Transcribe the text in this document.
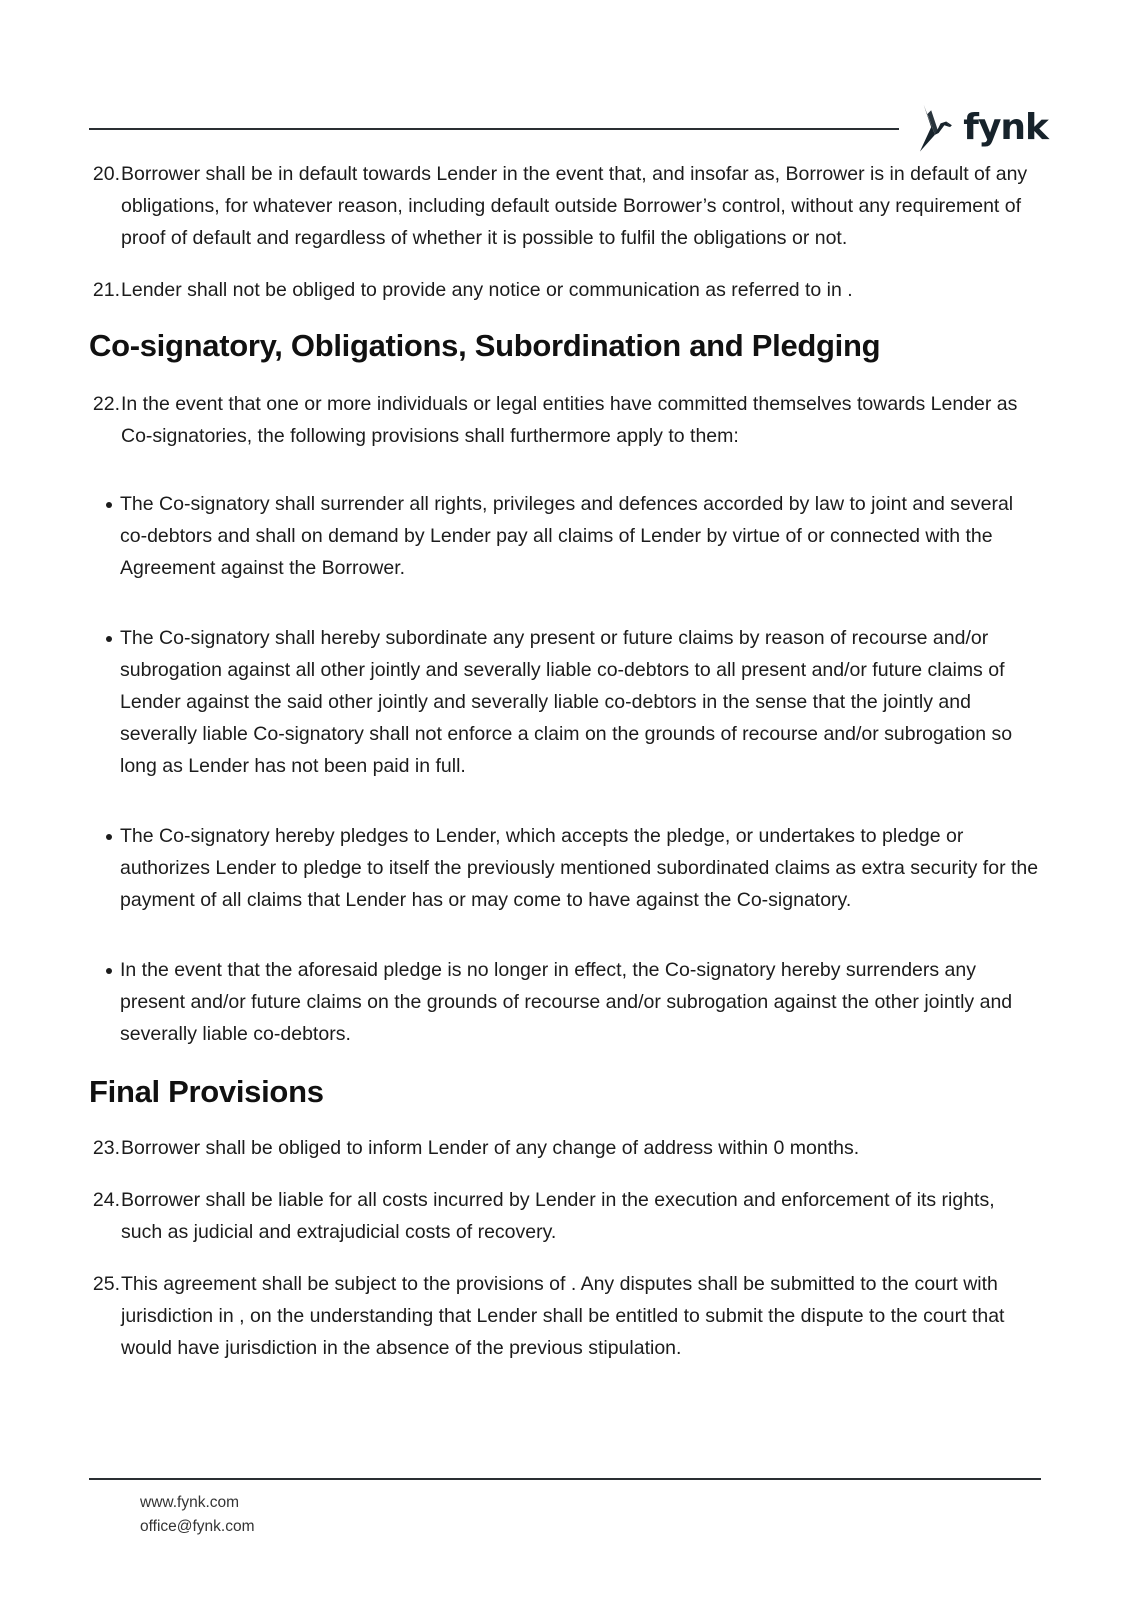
fynk
20. Borrower shall be in default towards Lender in the event that, and insofar as, Borrower is in default of any obligations, for whatever reason, including default outside Borrower’s control, without any requirement of proof of default and regardless of whether it is possible to fulfil the obligations or not.
21. Lender shall not be obliged to provide any notice or communication as referred to in .
Co-signatory, Obligations, Subordination and Pledging
22. In the event that one or more individuals or legal entities have committed themselves towards Lender as Co-signatories, the following provisions shall furthermore apply to them:
The Co-signatory shall surrender all rights, privileges and defences accorded by law to joint and several co-debtors and shall on demand by Lender pay all claims of Lender by virtue of or connected with the Agreement against the Borrower.
The Co-signatory shall hereby subordinate any present or future claims by reason of recourse and/or subrogation against all other jointly and severally liable co-debtors to all present and/or future claims of Lender against the said other jointly and severally liable co-debtors in the sense that the jointly and severally liable Co-signatory shall not enforce a claim on the grounds of recourse and/or subrogation so long as Lender has not been paid in full.
The Co-signatory hereby pledges to Lender, which accepts the pledge, or undertakes to pledge or authorizes Lender to pledge to itself the previously mentioned subordinated claims as extra security for the payment of all claims that Lender has or may come to have against the Co-signatory.
In the event that the aforesaid pledge is no longer in effect, the Co-signatory hereby surrenders any present and/or future claims on the grounds of recourse and/or subrogation against the other jointly and severally liable co-debtors.
Final Provisions
23. Borrower shall be obliged to inform Lender of any change of address within 0 months.
24. Borrower shall be liable for all costs incurred by Lender in the execution and enforcement of its rights, such as judicial and extrajudicial costs of recovery.
25. This agreement shall be subject to the provisions of . Any disputes shall be submitted to the court with jurisdiction in , on the understanding that Lender shall be entitled to submit the dispute to the court that would have jurisdiction in the absence of the previous stipulation.
www.fynk.com
office@fynk.com
